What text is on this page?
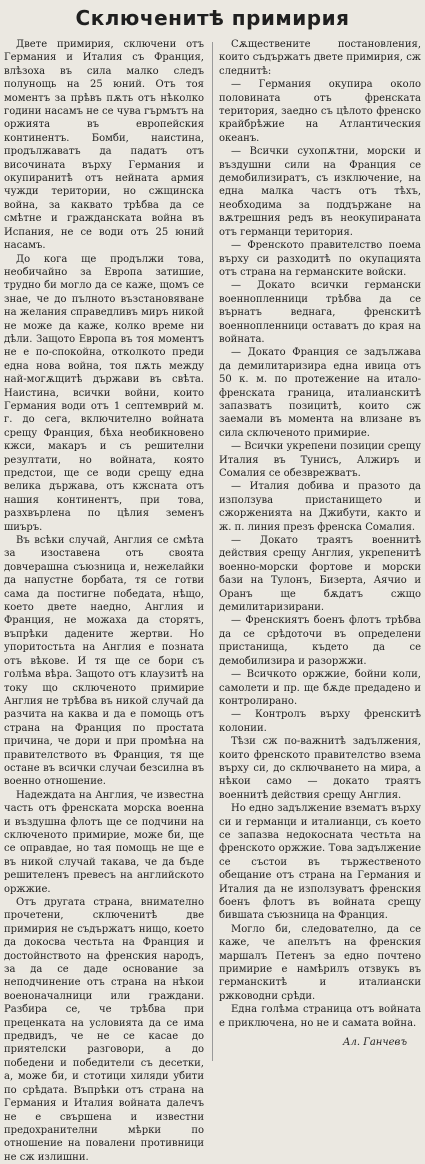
Сключенитѣ примирия

Двете примирия, сключени отъ Германия и Италия съ Франция, влѣзоха въ сила малко следъ полунощь на 25 юний. Отъ тоя моментъ за прѣвъ пѫть отъ нѣколко години насамъ не се чува гърмътъ на оржията въ европейския континентъ. Бомби, наистина, продължаватъ да падатъ отъ височината върху Германия и окупиранитѣ отъ нейната армия чужди територии, но сжщинска война, за каквато трѣбва да се смѣтне и гражданската война въ Испания, не се води отъ 25 юний насамъ.

До кога ще продължи това, необичайно за Европа затишие, трудно би могло да се каже, щомъ се знае, че до пълното възстановяване на желания справедливъ миръ никой не може да каже, колко време ни дѣли. Защото Европа въ тоя моментъ не е по-спокойна, отколкото преди една нова война, тоя пѫть между най-могѫщитѣ държави въ свѣта. Наистина, всички войни, които Германия води отъ 1 септемврий м. г. до сега, включително войната срещу Франция, бѣха необикновено кжси, макаръ и съ решителни резултати, но войната, която предстои, ще се води срещу една велика държава, отъ кжсната отъ нашия континентъ, при това, разхвърлена по цѣлия земенъ шиъръ.

Въ всѣки случай, Англия се смѣта за изоставена отъ своята довчерашна съюзница и, нежелайки да напустне борбата, тя се готви сама да постигне победата, нѣщо, което двете наедно, Англия и Франция, не можаха да сторятъ, въпрѣки дадените жертви. Но упоритостьта на Англия е позната отъ вѣкове. И тя ще се бори съ голѣма вѣра. Защото отъ клаузитѣ на току що сключеното примирие Англия не трѣбва въ никой случай да разчита на каква и да е помощь отъ страна на Франция по простата причина, че дори и при промѣна на правителството въ Франция, тя ще остане въ всички случаи безсилна въ военно отношение.

Надеждата на Англия, че известна часть отъ френската морска военна и въздушна флотъ ще се подчини на сключеното примирие, може би, ще се оправдае, но тая помощь не ще е въ никой случай такава, че да бъде решителенъ превесъ на английското оржжие.

Отъ другата страна, внимателно прочетени, сключенитѣ две примирия не съдържатъ нищо, което да докосва честьта на Франция и достойнството на френския народъ, за да се даде основание за неподчинение отъ страна на нѣкои военоначалници или граждани. Разбира се, че трѣбва при преценката на условията да се има предвидъ, че не се касае до приятелски разговори, а до победени и победители съ десетки, а, може би, и стотици хиляди убити по срѣдата. Въпрѣки отъ страна на Германия и Италия войната далечъ не е свършена и известни предохранителни мѣрки по отношение на повалени противници не сж излишни.

Сѫществените постановления, които съдържатъ двете примирия, сж следнитѣ:

— Германия окупира около половината отъ френската територия, заедно съ цѣлото френско крайбрѣжие на Атлантическия океанъ.

— Всички сухопѫтни, морски и въздушни сили на Франция се демобилизиратъ, съ изключение, на една малка частъ отъ тѣхъ, необходима за поддържане на вѫтрешния редъ въ неокупираната отъ германци територия.

— Френското правителство поема върху си разходитѣ по окупацията отъ страна на германските войски.

— Докато всички германски военнопленници трѣбва да се върнатъ веднага, френскитѣ военнопленници оставатъ до края на войната.

— Докато Франция се задължава да демилитаризира една ивица отъ 50 к. м. по протежение на итало-френската граница, италианскитѣ запазватъ позицитѣ, които сж заемали въ момента на влизане въ сила сключеното примирие.

— Всички укрепени позиции срещу Италия въ Тунисъ, Алжиръ и Сомалия се обезврежватъ.

— Италия добива и празото да използува пристанището и сжорженията на Джибути, както и ж. п. линия презъ френска Сомалия.

— Докато траятъ военнитѣ действия срещу Англия, укрепенитѣ военно-морски фортове и морски бази на Тулонъ, Бизерта, Аячио и Оранъ ще бѫдатъ сжщо демилитаризирани.

— Френскиятъ боенъ флотъ трѣбва да се срѣдоточи въ определени пристанища, където да се демобилизира и разоржжи.

— Всичкото оржжие, бойни коли, самолети и пр. ще бѫде предадено и контролирано.

— Контролъ върху френскитѣ колонии.

Тѣзи сж по-важнитѣ задължения, които френското правителство взема върху си, до сключването на мира, а нѣкои само — докато траятъ военнитѣ действия срещу Англия.

Но едно задължение взематъ върху си и германци и италианци, съ което се запазва недокосната честьта на френското оржжие. Това задължение се състои въ тържественото обещание отъ страна на Германия и Италия да не използуватъ френския боенъ флотъ въ войната срещу бившата съюзница на Франция.

Могло би, следователно, да се каже, че апелътъ на френския маршалъ Петенъ за едно почтено примирие е намѣрилъ отзвукъ въ германскитѣ и италиански ржководни срѣди.

Една голѣма страница отъ войната е приключена, но не и самата война.

Ал. Ганчевъ
